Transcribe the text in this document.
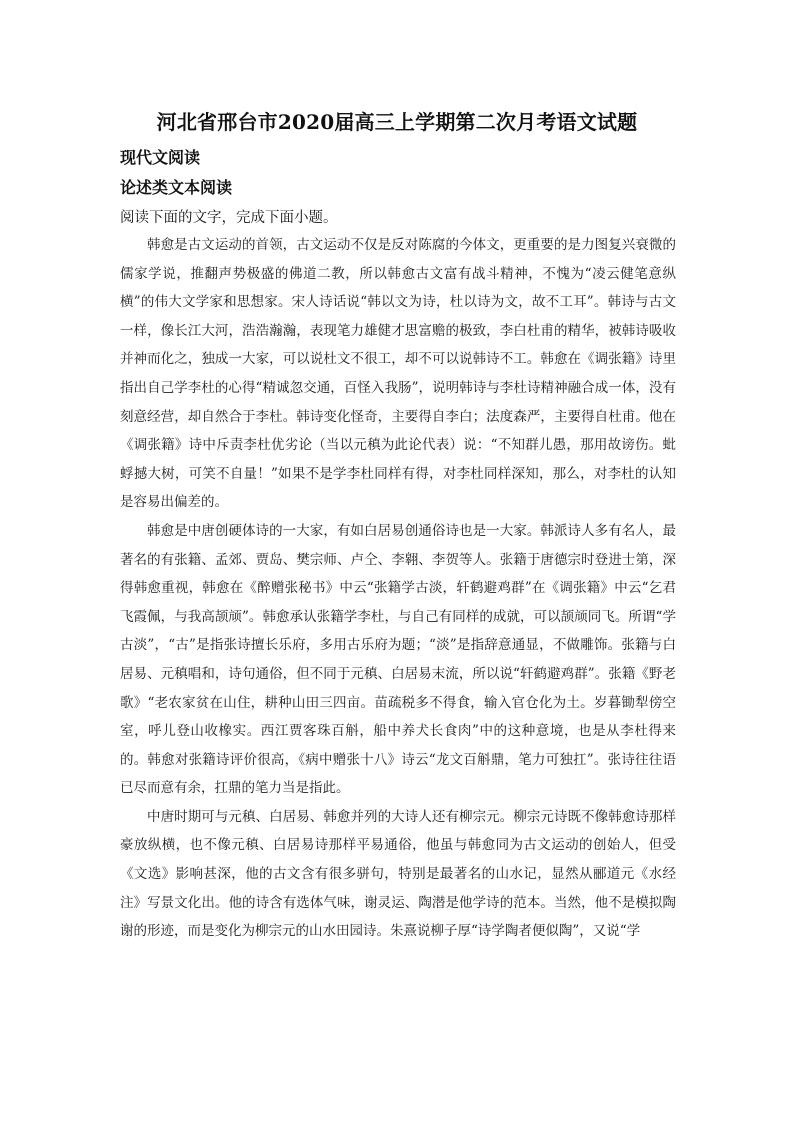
河北省邢台市2020届高三上学期第二次月考语文试题
现代文阅读
论述类文本阅读

阅读下面的文字，完成下面小题。

韩愈是古文运动的首领，古文运动不仅是反对陈腐的今体文，更重要的是力图复兴衰微的儒家学说，推翻声势极盛的佛道二教，所以韩愈古文富有战斗精神，不愧为“凌云健笔意纵横”的伟大文学家和思想家。宋人诗话说“韩以文为诗，杜以诗为文，故不工耳”。韩诗与古文一样，像长江大河，浩浩瀚瀚，表现笔力雄健才思富赡的极致，李白杜甫的精华，被韩诗吸收并神而化之，独成一大家，可以说杜文不很工，却不可以说韩诗不工。韩愈在《调张籍》诗里指出自己学李杜的心得“精诚忽交通，百怪入我肠”，说明韩诗与李杜诗精神融合成一体，没有刻意经营，却自然合于李杜。韩诗变化怪奇，主要得自李白；法度森严，主要得自杜甫。他在《调张籍》诗中斥责李杜优劣论（当以元稹为此论代表）说：“不知群儿愚，那用故谤伤。蚍蜉撼大树，可笑不自量！”如果不是学李杜同样有得，对李杜同样深知，那么，对李杜的认知是容易出偏差的。

韩愈是中唐创硬体诗的一大家，有如白居易创通俗诗也是一大家。韩派诗人多有名人，最著名的有张籍、孟郊、贾岛、樊宗师、卢仝、李翱、李贺等人。张籍于唐德宗时登进士第，深得韩愈重视，韩愈在《醉赠张秘书》中云“张籍学古淡，轩鹤避鸡群”在《调张籍》中云“乞君飞霞佩，与我高颉颃”。韩愈承认张籍学李杜，与自己有同样的成就，可以颉颃同飞。所谓“学古淡”，“古”是指张诗擅长乐府，多用古乐府为题；“淡”是指辞意通显，不做雕饰。张籍与白居易、元稹唱和，诗句通俗，但不同于元稹、白居易末流，所以说“轩鹤避鸡群”。张籍《野老歌》“老农家贫在山住，耕种山田三四亩。苗疏税多不得食，输入官仓化为土。岁暮锄犁傍空室，呼儿登山收橡实。西江贾客珠百斛，船中养犬长食肉”中的这种意境，也是从李杜得来的。韩愈对张籍诗评价很高，《病中赠张十八》诗云“龙文百斛鼎，笔力可独扛”。张诗往往语已尽而意有余，扛鼎的笔力当是指此。

中唐时期可与元稹、白居易、韩愈并列的大诗人还有柳宗元。柳宗元诗既不像韩愈诗那样豪放纵横，也不像元稹、白居易诗那样平易通俗，他虽与韩愈同为古文运动的创始人，但受《文选》影响甚深，他的古文含有很多骈句，特别是最著名的山水记，显然从郦道元《水经注》写景文化出。他的诗含有选体气味，谢灵运、陶潜是他学诗的范本。当然，他不是模拟陶谢的形迹，而是变化为柳宗元的山水田园诗。朱熹说柳子厚“诗学陶者便似陶”，又说“学
